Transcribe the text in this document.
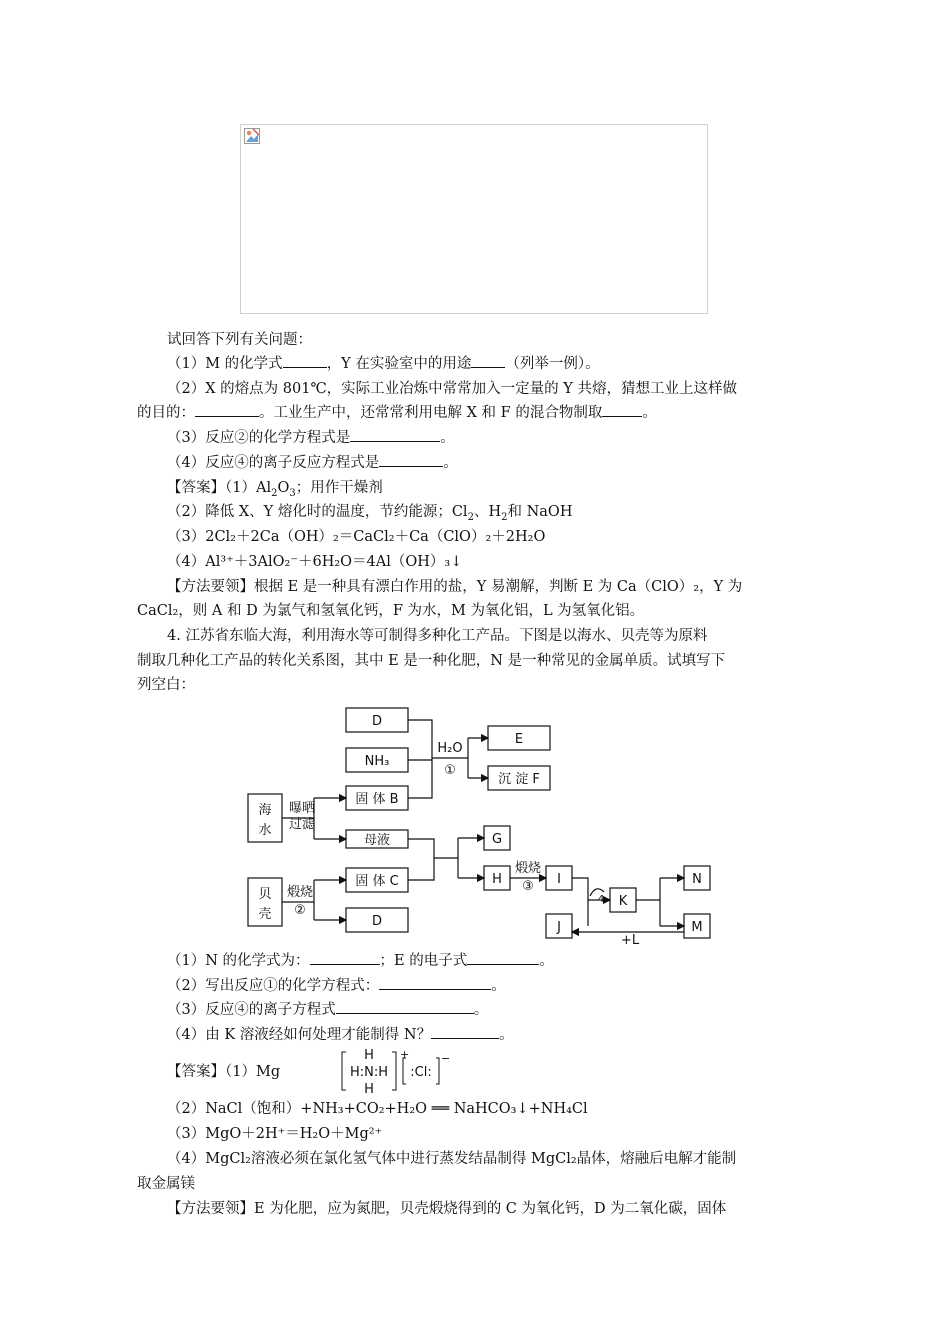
试回答下列有关问题：
（1）M 的化学式	，Y 在实验室中的用途 （列举一例）。
（2）X 的熔点为 801℃，实际工业冶炼中常常加入一定量的 Y 共熔，猜想工业上这样做
的目的：	。工业生产中，还常常利用电解 X 和 F 的混合物制取	。
（3）反应②的化学方程式是	。
（4）反应④的离子反应方程式是	。
【答案】$(1)Al_2O_3$；用作干燥剂
（2）降低 X、Y 熔化时的温度，节约能源；$Cl_2$、$H_2$和 NaOH
（3）2Cl₂＋2Ca（OH）₂＝CaCl₂＋Ca（ClO）₂＋2H₂O
（4）Al³⁺＋3AlO₂⁻＋6H₂O＝4Al（OH）₃↓
【方法要领】根据 E 是一种具有漂白作用的盐，Y 易潮解，判断 E 为 Ca（ClO）₂，Y 为
CaCl₂，则 A 和 D 为氯气和氢氧化钙，F 为水，M 为氧化铝，L 为氢氧化铝。
4. 江苏省东临大海，利用海水等可制得多种化工产品。下图是以海水、贝壳等为原料
制取几种化工产品的转化关系图，其中 E 是一种化肥，N 是一种常见的金属单质。试填写下
列空白：
D
NH₃
固 体 B
海
水
曝晒
过滤
母液
贝
壳
煅烧
②
固 体 C
D
H₂O
①
E
沉 淀 F
G
H
煅烧
③ I
4 K
N
M
J
+L
（1）N 的化学式为：	；E 的电子式	。
（2）写出反应①的化学方程式：	。
（3）反应④的离子方程式	。
（4）由 K 溶液经如何处理才能制得 N？	。
【答案】（1）Mg
H
H:N:H
H
+
:Cl:
−
（2）NaCl（饱和）+NH₃+CO₂+H₂O ══ NaHCO₃↓+NH₄Cl
（3）MgO＋2H⁺＝H₂O＋Mg²⁺
（4）MgCl₂溶液必须在氯化氢气体中进行蒸发结晶制得 MgCl₂晶体，熔融后电解才能制
取金属镁
【方法要领】E 为化肥，应为氮肥，贝壳煅烧得到的 C 为氧化钙，D 为二氧化碳，固体
